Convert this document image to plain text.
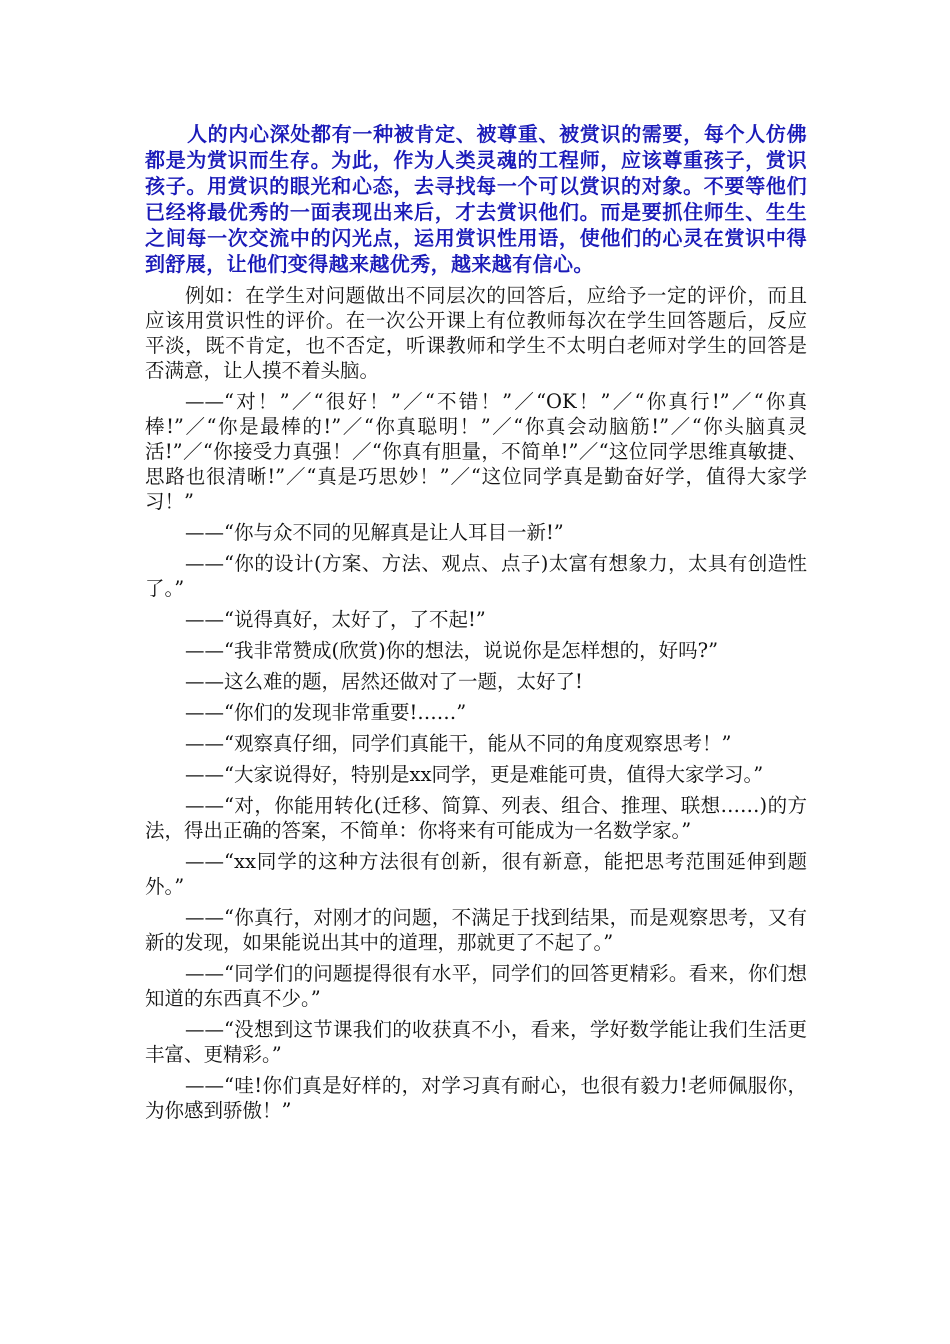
人的内心深处都有一种被肯定、被尊重、被赏识的需要，每个人仿佛都是为赏识而生存。为此，作为人类灵魂的工程师，应该尊重孩子，赏识孩子。用赏识的眼光和心态，去寻找每一个可以赏识的对象。不要等他们已经将最优秀的一面表现出来后，才去赏识他们。而是要抓住师生、生生之间每一次交流中的闪光点，运用赏识性用语，使他们的心灵在赏识中得到舒展，让他们变得越来越优秀，越来越有信心。

例如：在学生对问题做出不同层次的回答后，应给予一定的评价，而且应该用赏识性的评价。在一次公开课上有位教师每次在学生回答题后，反应平淡，既不肯定，也不否定，听课教师和学生不太明白老师对学生的回答是否满意，让人摸不着头脑。

——“对！”／“很好！”／“不错！”／“OK！”／“你真行!”／“你真棒!”／“你是最棒的!”／“你真聪明！”／“你真会动脑筋!”／“你头脑真灵活!”／“你接受力真强！／“你真有胆量，不简单!”／“这位同学思维真敏捷、思路也很清晰!”／“真是巧思妙！”／“这位同学真是勤奋好学，值得大家学习！”

——“你与众不同的见解真是让人耳目一新!”

——“你的设计(方案、方法、观点、点子)太富有想象力，太具有创造性了。”

——“说得真好，太好了，了不起!”

——“我非常赞成(欣赏)你的想法，说说你是怎样想的，好吗?”

——这么难的题，居然还做对了一题，太好了!

——“你们的发现非常重要!……”

——“观察真仔细，同学们真能干，能从不同的角度观察思考！”

——“大家说得好，特别是xx同学，更是难能可贵，值得大家学习。”

——“对，你能用转化(迁移、简算、列表、组合、推理、联想……)的方法，得出正确的答案，不简单：你将来有可能成为一名数学家。”

——“xx同学的这种方法很有创新，很有新意，能把思考范围延伸到题外。”

——“你真行，对刚才的问题，不满足于找到结果，而是观察思考，又有新的发现，如果能说出其中的道理，那就更了不起了。”

——“同学们的问题提得很有水平，同学们的回答更精彩。看来，你们想知道的东西真不少。”

——“没想到这节课我们的收获真不小，看来，学好数学能让我们生活更丰富、更精彩。”

——“哇!你们真是好样的，对学习真有耐心，也很有毅力!老师佩服你，为你感到骄傲！”
